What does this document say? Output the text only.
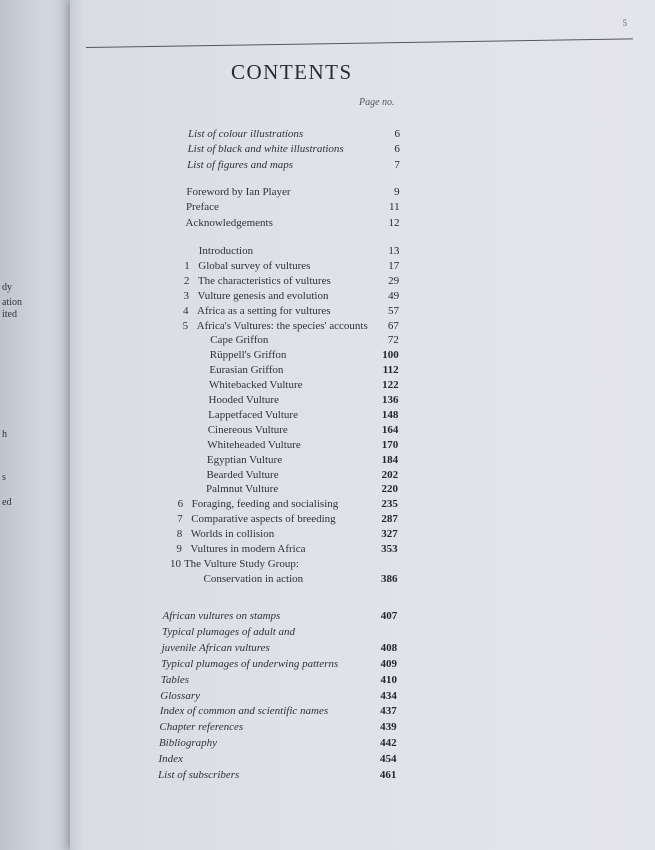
dy
ation
ited
h
s
ed
5
CONTENTS
Page no.
List of colour illustrations	6
List of black and white illustrations	6
List of figures and maps	7
Foreword by Ian Player	9
Preface	11
Acknowledgements	12
Introduction	13
1 Global survey of vultures	17
2 The characteristics of vultures	29
3 Vulture genesis and evolution	49
4 Africa as a setting for vultures	57
5 Africa's Vultures: the species' accounts	67
Cape Griffon	72
Rüppell's Griffon	100
Eurasian Griffon	112
Whitebacked Vulture	122
Hooded Vulture	136
Lappetfaced Vulture	148
Cinereous Vulture	164
Whiteheaded Vulture	170
Egyptian Vulture	184
Bearded Vulture	202
Palmnut Vulture	220
6 Foraging, feeding and socialising	235
7 Comparative aspects of breeding	287
8 Worlds in collision	327
9 Vultures in modern Africa	353
10 The Vulture Study Group:
Conservation in action	386
African vultures on stamps	407
Typical plumages of adult and
juvenile African vultures	408
Typical plumages of underwing patterns	409
Tables	410
Glossary	434
Index of common and scientific names	437
Chapter references	439
Bibliography	442
Index	454
List of subscribers	461
